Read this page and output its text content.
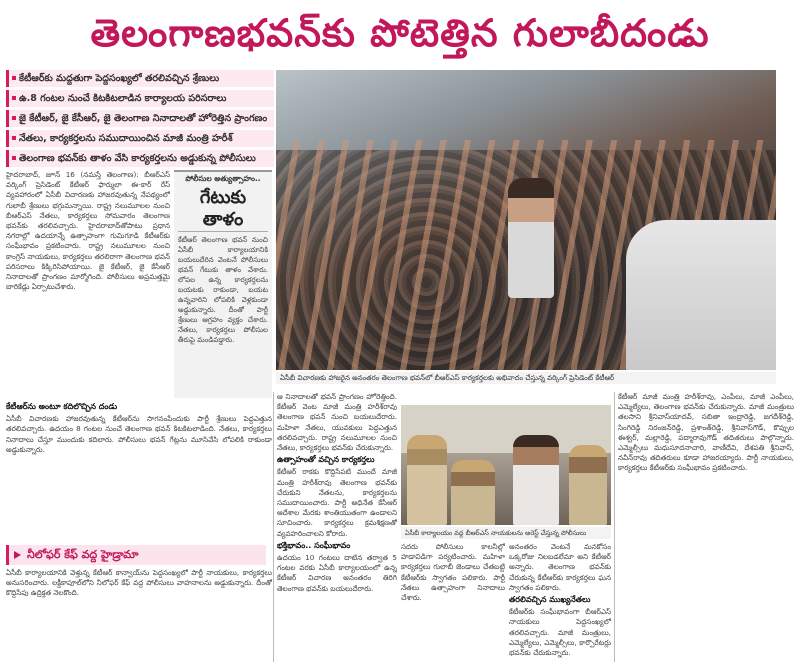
తెలంగాణభవన్‌కు పోటెత్తిన గులాబీదండు
కేటీఆర్‌కు మద్దతుగా పెద్దసంఖ్యలో తరలివచ్చిన శ్రేణులు
ఉ.8 గంటల నుంచే కిటకిటలాడిన కార్యాలయ పరిసరాలు
జై కేటీఆర్, జై కేసీఆర్, జై తెలంగాణ నినాదాలతో హోరెత్తిన ప్రాంగణం
నేతలు, కార్యకర్తలను సముదాయించిన మాజీ మంత్రి హరీశ్
తెలంగాణ భవన్‌కు తాళం వేసి కార్యకర్తలను అడ్డుకున్న పోలీసులు
ఏసీబీ విచారణకు హాజరైన అనంతరం తెలంగాణ భవన్‌లో బీఆర్‌ఎస్ కార్యకర్తలకు అభివాదం చేస్తున్న వర్కింగ్ ప్రెసిడెంట్ కేటీఆర్

హైదరాబాద్, జూన్ 16 (నమస్తే తెలంగాణ): బీఆర్‌ఎస్ వర్కింగ్ ప్రెసిడెంట్ కేటీఆర్ ఫార్ములా ఈ-కార్ రేస్ వ్యవహారంలో ఏసీబీ విచారణకు హాజరవుతున్న నేపథ్యంలో గులాబీ శ్రేణులు భగ్గుమన్నాయి. రాష్ట్ర నలుమూలల నుంచి బీఆర్‌ఎస్ నేతలు, కార్యకర్తలు సోమవారం తెలంగాణ భవన్‌కు తరలివచ్చారు. హైదరాబాద్‌తోపాటు ప్రధాన నగరాల్లో ఉదయాన్నే ఉత్సాహంగా గుమిగూడి కేటీఆర్‌కు సంఘీభావం ప్రకటించారు. రాష్ట్ర నలుమూలల నుంచి కాంగ్రెస్ నాయకులు, కార్యకర్తలు తరలిరాగా తెలంగాణ భవన్ పరిసరాలు కిక్కిరిసిపోయాయి. జై కేటీఆర్, జై కేసీఆర్ నినాదాలతో ప్రాంగణం మార్మోగింది. పోలీసులు అప్రమత్తమై బారికేడ్లు ఏర్పాటుచేశారు.

పోలీసుల అత్యుత్సాహం..
గేటుకు తాళం
కేటీఆర్ తెలంగాణ భవన్ నుంచి ఏసీబీ కార్యాలయానికి బయలుదేరిన వెంటనే పోలీసులు భవన్ గేటుకు తాళం వేశారు. లోపల ఉన్న కార్యకర్తలను బయటకు రాకుండా, బయట ఉన్నవారిని లోపలికి వెళ్లకుండా అడ్డుకున్నారు. దీంతో పార్టీ శ్రేణులు ఆగ్రహం వ్యక్తం చేశారు. నేతలు, కార్యకర్తలు పోలీసుల తీరుపై మండిపడ్డారు.

కేటీఆర్‌ను అంటూ కదిలొచ్చిన దండు

ఏసీబీ విచారణకు హాజరవుతున్న కేటీఆర్‌ను సాగనంపేందుకు పార్టీ శ్రేణులు పెద్దఎత్తున తరలివచ్చారు. ఉదయం 8 గంటల నుంచే తెలంగాణ భవన్ కిటకిటలాడింది. నేతలు, కార్యకర్తలు నినాదాలు చేస్తూ ముందుకు కదిలారు. పోలీసులు భవన్ గేట్లను మూసివేసి లోపలికి రాకుండా అడ్డుకున్నారు.

నీలోఫర్ కేఫ్ వద్ద హైడ్రామా

ఏసీబీ కార్యాలయానికి వెళ్తున్న కేటీఆర్ కాన్వాయ్‌ను పెద్దసంఖ్యలో పార్టీ నాయకులు, కార్యకర్తలు అనుసరించారు. లక్డీకాపూల్‌లోని నీలోఫర్ కేఫ్ వద్ద పోలీసులు వాహనాలను అడ్డుకున్నారు. దీంతో కొద్దిసేపు ఉద్రిక్తత నెలకొంది.

ఆ నినాదాలతో భవన్ ప్రాంగణం హోరెత్తింది. కేటీఆర్ వెంట మాజీ మంత్రి హరీశ్‌రావు తెలంగాణ భవన్ నుంచి బయలుదేరారు. మహిళా నేతలు, యువకులు పెద్దఎత్తున తరలివచ్చారు. రాష్ట్ర నలుమూలల నుంచి నేతలు, కార్యకర్తలు భవన్‌కు చేరుకున్నారు.

ఉత్సాహంతో వచ్చిన కార్యకర్తలు

కేటీఆర్ రాకకు కొద్దిసేపటి ముందే మాజీ మంత్రి హరీశ్‌రావు తెలంగాణ భవన్‌కు చేరుకుని నేతలను, కార్యకర్తలను సముదాయించారు. పార్టీ అధినేత కేసీఆర్ ఆదేశాల మేరకు శాంతియుతంగా ఉండాలని సూచించారు. కార్యకర్తలు క్రమశిక్షణతో వ్యవహరించాలని కోరారు.

భక్తిభావం.. సంఘీభావం

ఉదయం 10 గంటలు దాటిన తర్వాత 5 గంటల వరకు ఏసీబీ కార్యాలయంలో ఉన్న కేటీఆర్ విచారణ అనంతరం తిరిగి తెలంగాణ భవన్‌కు బయలుదేరారు.

ఏసీబీ కార్యాలయం వద్ద బీఆర్‌ఎస్ నాయకులను అరెస్ట్ చేస్తున్న పోలీసులు

సదరు పోలీసులు కాలనీల్లో హడావిడిగా పర్యటించారు. మహిళా కార్యకర్తలు గులాబీ జెండాలు చేతబట్టి కేటీఆర్‌కు స్వాగతం పలికారు. పార్టీ నేతలు ఉత్సాహంగా నినాదాలు చేశారు.

అనంతరం వెంటనే మనకోసం ఒక్కరోజు నిలబడలేమా అని కేటీఆర్ అన్నారు. తెలంగాణ భవన్‌కు చేరుకున్న కేటీఆర్‌కు కార్యకర్తలు ఘన స్వాగతం పలికారు.

తరలివచ్చిన ముఖ్యనేతలు

కేటీఆర్‌కు సంఘీభావంగా బీఆర్‌ఎస్ నాయకులు పెద్దసంఖ్యలో తరలివచ్చారు. మాజీ మంత్రులు, ఎమ్మెల్యేలు, ఎమ్మెల్సీలు, కార్పొరేటర్లు భవన్‌కు చేరుకున్నారు.

కేటీఆర్ మాజీ మంత్రి హరీశ్‌రావు, ఎంపీలు, మాజీ ఎంపీలు, ఎమ్మెల్యేలు, తెలంగాణ భవన్‌కు చేరుకున్నారు. మాజీ మంత్రులు తలసాని శ్రీనివాస్‌యాదవ్, సబితా ఇంద్రారెడ్డి, జగదీశ్‌రెడ్డి, సింగిరెడ్డి నిరంజన్‌రెడ్డి, ప్రశాంత్‌రెడ్డి, శ్రీనివాస్‌గౌడ్, కొప్పుల ఈశ్వర్, మల్లారెడ్డి, పద్మారావుగౌడ్ తదితరులు పాల్గొన్నారు. ఎమ్మెల్సీలు మధుసూదనాచారి, వాణీదేవి, దేశపతి శ్రీనివాస్, నవీన్‌రావు తదితరులు కూడా హాజరయ్యారు. పార్టీ నాయకులు, కార్యకర్తలు కేటీఆర్‌కు సంఘీభావం ప్రకటించారు.
